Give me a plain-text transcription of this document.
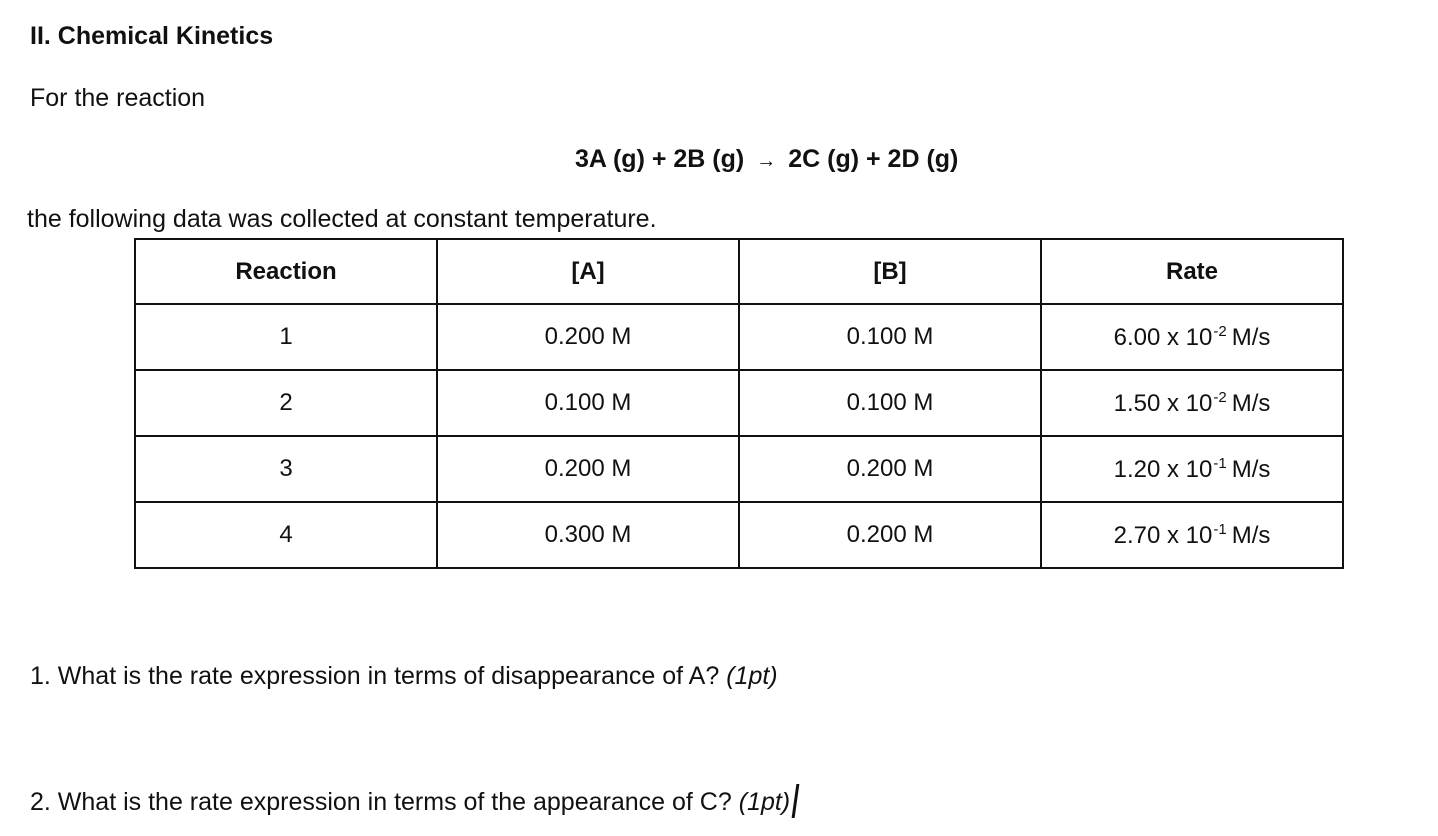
II. Chemical Kinetics

For the reaction

3A (g) + 2B (g) → 2C (g) + 2D (g)

the following data was collected at constant temperature.

Reaction	[A]	[B]	Rate
1	0.200 M	0.100 M	6.00 x $10^{-2}$ M/s
2	0.100 M	0.100 M	1.50 x $10^{-2}$ M/s
3	0.200 M	0.200 M	1.20 x $10^{-1}$ M/s
4	0.300 M	0.200 M	2.70 x $10^{-1}$ M/s

1. What is the rate expression in terms of disappearance of A? (1pt)

2. What is the rate expression in terms of the appearance of C? (1pt)
